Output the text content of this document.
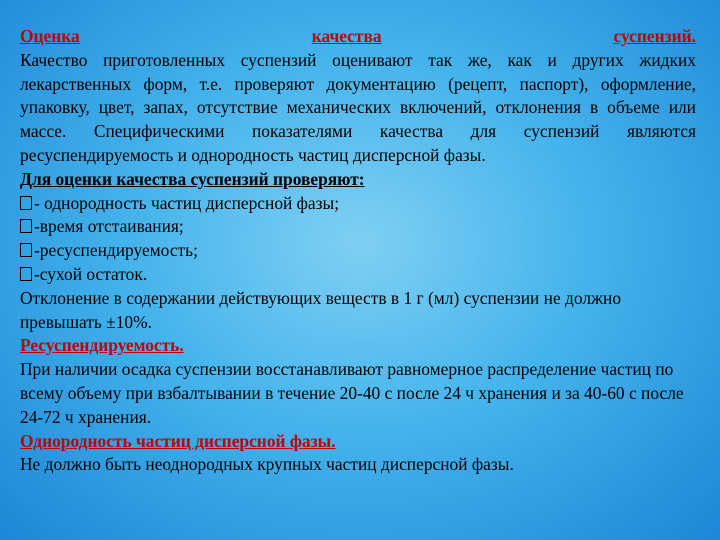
Оценка	качества	суспензий.
Качество приготовленных суспензий оценивают так же, как и других жидких лекарственных форм, т.е. проверяют документацию (рецепт, паспорт), оформление, упаковку, цвет, запах, отсутствие механических включений, отклонения в объеме или массе. Специфическими показателями качества для суспензий являются ресуспендируемость и однородность частиц дисперсной фазы.
Для оценки качества суспензий проверяют:
- однородность частиц дисперсной фазы;
-время отстаивания;
-ресуспендируемость;
-сухой остаток.
Отклонение в содержании действующих веществ в 1 г (мл) суспензии не должно превышать ±10%.
Ресуспендируемость.
При наличии осадка суспензии восстанавливают равномерное распределение частиц по всему объему при взбалтывании в течение 20-40 с после 24 ч хранения и за 40-60 с после 24-72 ч хранения.
Однородность частиц дисперсной фазы.
Не должно быть неоднородных крупных частиц дисперсной фазы.
